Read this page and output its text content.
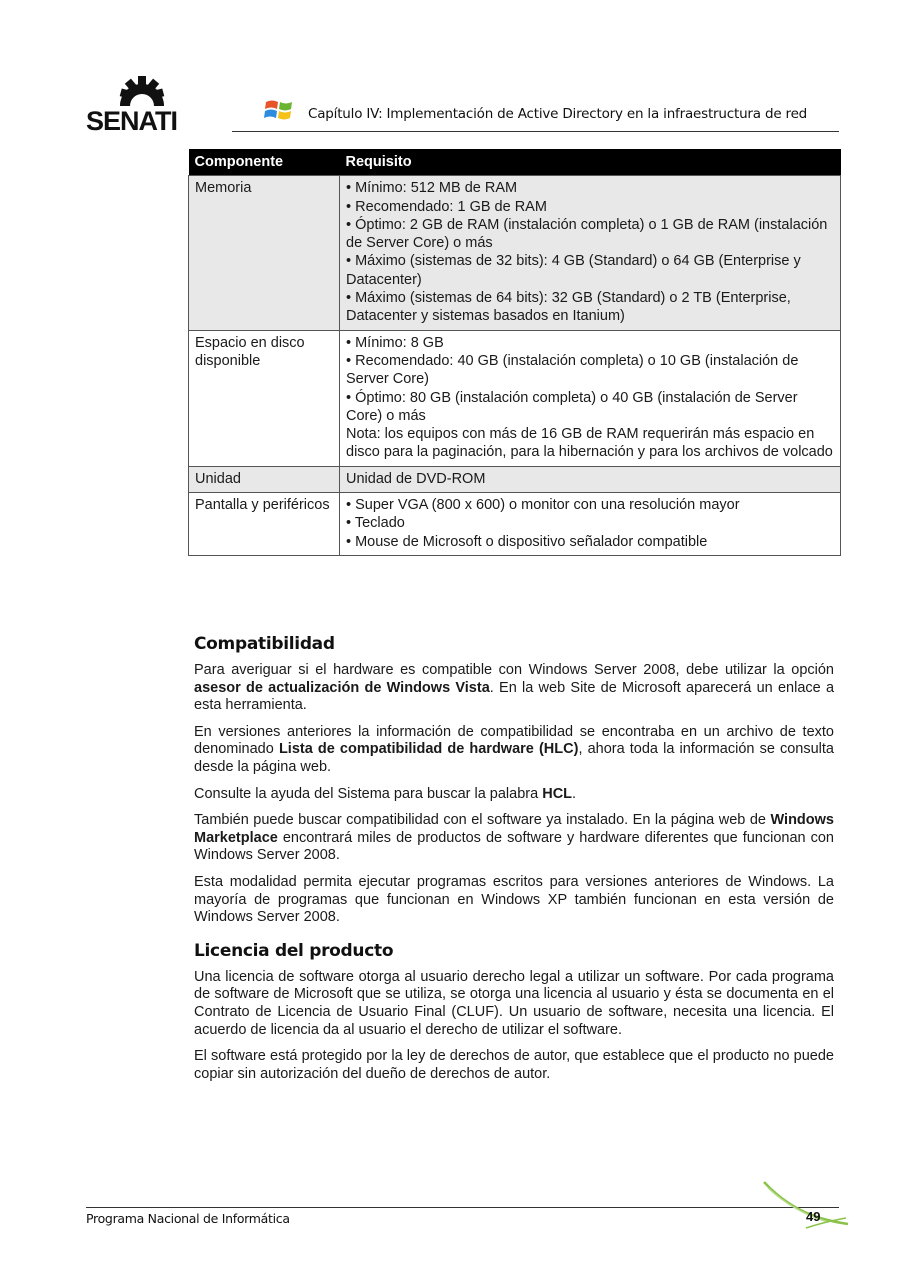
SENATI	Capítulo IV: Implementación de Active Directory en la infraestructura de red
Componente	Requisito
Memoria	• Mínimo: 512 MB de RAM
• Recomendado: 1 GB de RAM
• Óptimo: 2 GB de RAM (instalación completa) o 1 GB de RAM (instalación de Server Core) o más
• Máximo (sistemas de 32 bits): 4 GB (Standard) o 64 GB (Enterprise y Datacenter)
• Máximo (sistemas de 64 bits): 32 GB (Standard) o 2 TB (Enterprise, Datacenter y sistemas basados en Itanium)

Espacio en disco disponible	• Mínimo: 8 GB
• Recomendado: 40 GB (instalación completa) o 10 GB (instalación de Server Core)
• Óptimo: 80 GB (instalación completa) o 40 GB (instalación de Server Core) o más
Nota: los equipos con más de 16 GB de RAM requerirán más espacio en disco para la paginación, para la hibernación y para los archivos de volcado

Unidad	Unidad de DVD-ROM

Pantalla y periféricos	• Super VGA (800 x 600) o monitor con una resolución mayor
• Teclado
• Mouse de Microsoft o dispositivo señalador compatible
Compatibilidad

Para averiguar si el hardware es compatible con Windows Server 2008, debe utilizar la opción asesor de actualización de Windows Vista. En la web Site de Microsoft aparecerá un enlace a esta herramienta.

En versiones anteriores la información de compatibilidad se encontraba en un archivo de texto denominado Lista de compatibilidad de hardware (HLC), ahora toda la información se consulta desde la página web.

Consulte la ayuda del Sistema para buscar la palabra HCL.

También puede buscar compatibilidad con el software ya instalado. En la página web de Windows Marketplace encontrará miles de productos de software y hardware diferentes que funcionan con Windows Server 2008.

Esta modalidad permita ejecutar programas escritos para versiones anteriores de Windows. La mayoría de programas que funcionan en Windows XP también funcionan en esta versión de Windows Server 2008.

Licencia del producto

Una licencia de software otorga al usuario derecho legal a utilizar un software. Por cada programa de software de Microsoft que se utiliza, se otorga una licencia al usuario y ésta se documenta en el Contrato de Licencia de Usuario Final (CLUF). Un usuario de software, necesita una licencia. El acuerdo de licencia da al usuario el derecho de utilizar el software.

El software está protegido por la ley de derechos de autor, que establece que el producto no puede copiar sin autorización del dueño de derechos de autor.

Programa Nacional de Informática	49
